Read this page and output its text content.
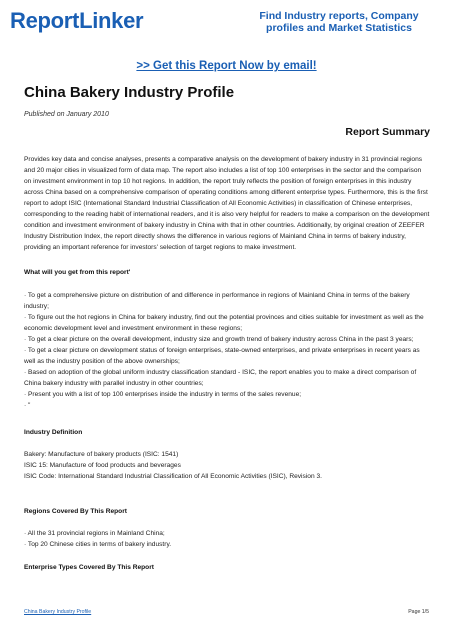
ReportLinker	Find Industry reports, Company profiles and Market Statistics
>> Get this Report Now by email!
China Bakery Industry Profile
Published on January 2010
Report Summary

Provides key data and concise analyses, presents a comparative analysis on the development of bakery industry in 31 provincial regions and 20 major cities in visualized form of data map. The report also includes a list of top 100 enterprises in the sector and the comparison on investment environment in top 10 hot regions. In addition, the report truly reflects the position of foreign enterprises in this industry across China based on a comprehensive comparison of operating conditions among different enterprise types. Furthermore, this is the first report to adopt ISIC (International Standard Industrial Classification of All Economic Activities) in classification of Chinese enterprises, corresponding to the reading habit of international readers, and it is also very helpful for readers to make a comparison on the development condition and investment environment of bakery industry in China with that in other countries. Additionally, by original creation of ZEEFER Industry Distribution Index, the report directly shows the difference in various regions of Mainland China in terms of bakery industry, providing an important reference for investors' selection of target regions to make investment.

What will you get from this report'
· To get a comprehensive picture on distribution of and difference in performance in regions of Mainland China in terms of the bakery industry;
· To figure out the hot regions in China for bakery industry, find out the potential provinces and cities suitable for investment as well as the economic development level and investment environment in these regions;
· To get a clear picture on the overall development, industry size and growth trend of bakery industry across China in the past 3 years;
· To get a clear picture on development status of foreign enterprises, state-owned enterprises, and private enterprises in recent years as well as the industry position of the above ownerships;
· Based on adoption of the global uniform industry classification standard - ISIC, the report enables you to make a direct comparison of China bakery industry with parallel industry in other countries;
· Present you with a list of top 100 enterprises inside the industry in terms of the sales revenue;
· "
Industry Definition
Bakery: Manufacture of bakery products (ISIC: 1541)
ISIC 15: Manufacture of food products and beverages
ISIC Code: International Standard Industrial Classification of All Economic Activities (ISIC), Revision 3.
Regions Covered By This Report
· All the 31 provincial regions in Mainland China;
· Top 20 Chinese cities in terms of bakery industry.
Enterprise Types Covered By This Report
China Bakery Industry Profile	Page 1/5
